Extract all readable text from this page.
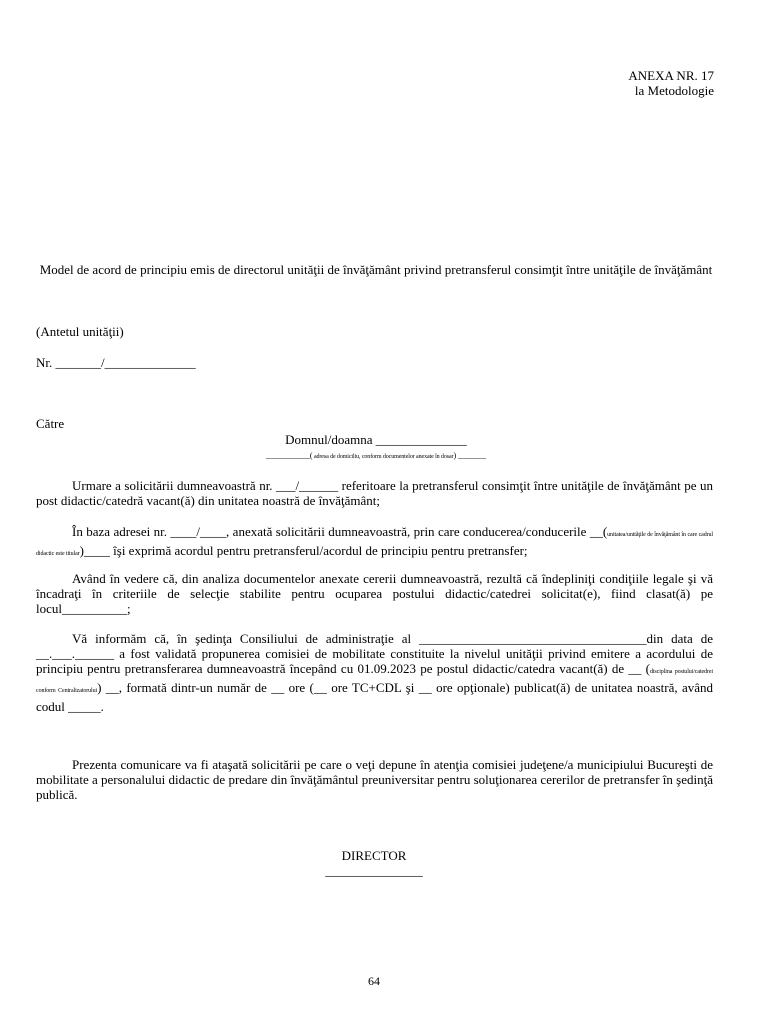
ANEXA NR. 17
la Metodologie
Model de acord de principiu emis de directorul unităţii de învăţământ privind pretransferul consimţit între unităţile de învăţământ
(Antetul unităţii)
Nr. _______/______________
Către
Domnul/doamna ______________
___________( adresa de domiciliu, conform documentelor anexate în dosar) _______
Urmare a solicitării dumneavoastră nr. ___/______ referitoare la pretransferul consimţit între unităţile de învăţământ pe un post didactic/catedră vacant(ă) din unitatea noastră de învăţământ;
În baza adresei nr. ____/____, anexată solicitării dumneavoastră, prin care conducerea/conducerile __(unitatea/unităţile de învăţământ în care cadrul didactic este titular)____ îşi exprimă acordul pentru pretransferul/acordul de principiu pentru pretransfer;
Având în vedere că, din analiza documentelor anexate cererii dumneavoastră, rezultă că îndepliniţi condiţiile legale şi vă încadraţi în criteriile de selecţie stabilite pentru ocuparea postului didactic/catedrei solicitat(e), fiind clasat(ă) pe locul__________;
Vă informăm că, în şedinţa Consiliului de administraţie al ___________________________________din data de __.___.______ a fost validată propunerea comisiei de mobilitate constituite la nivelul unităţii privind emitere a acordului de principiu pentru pretransferarea dumneavoastră începând cu 01.09.2023 pe postul didactic/catedra vacant(ă) de __ (disciplina postului/catedrei conform Centralizatorului) __, formată dintr-un număr de __ ore (__ ore TC+CDL şi __ ore opţionale) publicat(ă) de unitatea noastră, având codul _____.
Prezenta comunicare va fi ataşată solicitării pe care o veţi depune în atenţia comisiei judeţene/a municipiului Bucureşti de mobilitate a personalului didactic de predare din învăţământul preuniversitar pentru soluţionarea cererilor de pretransfer în şedinţă publică.
DIRECTOR
_______________
64
